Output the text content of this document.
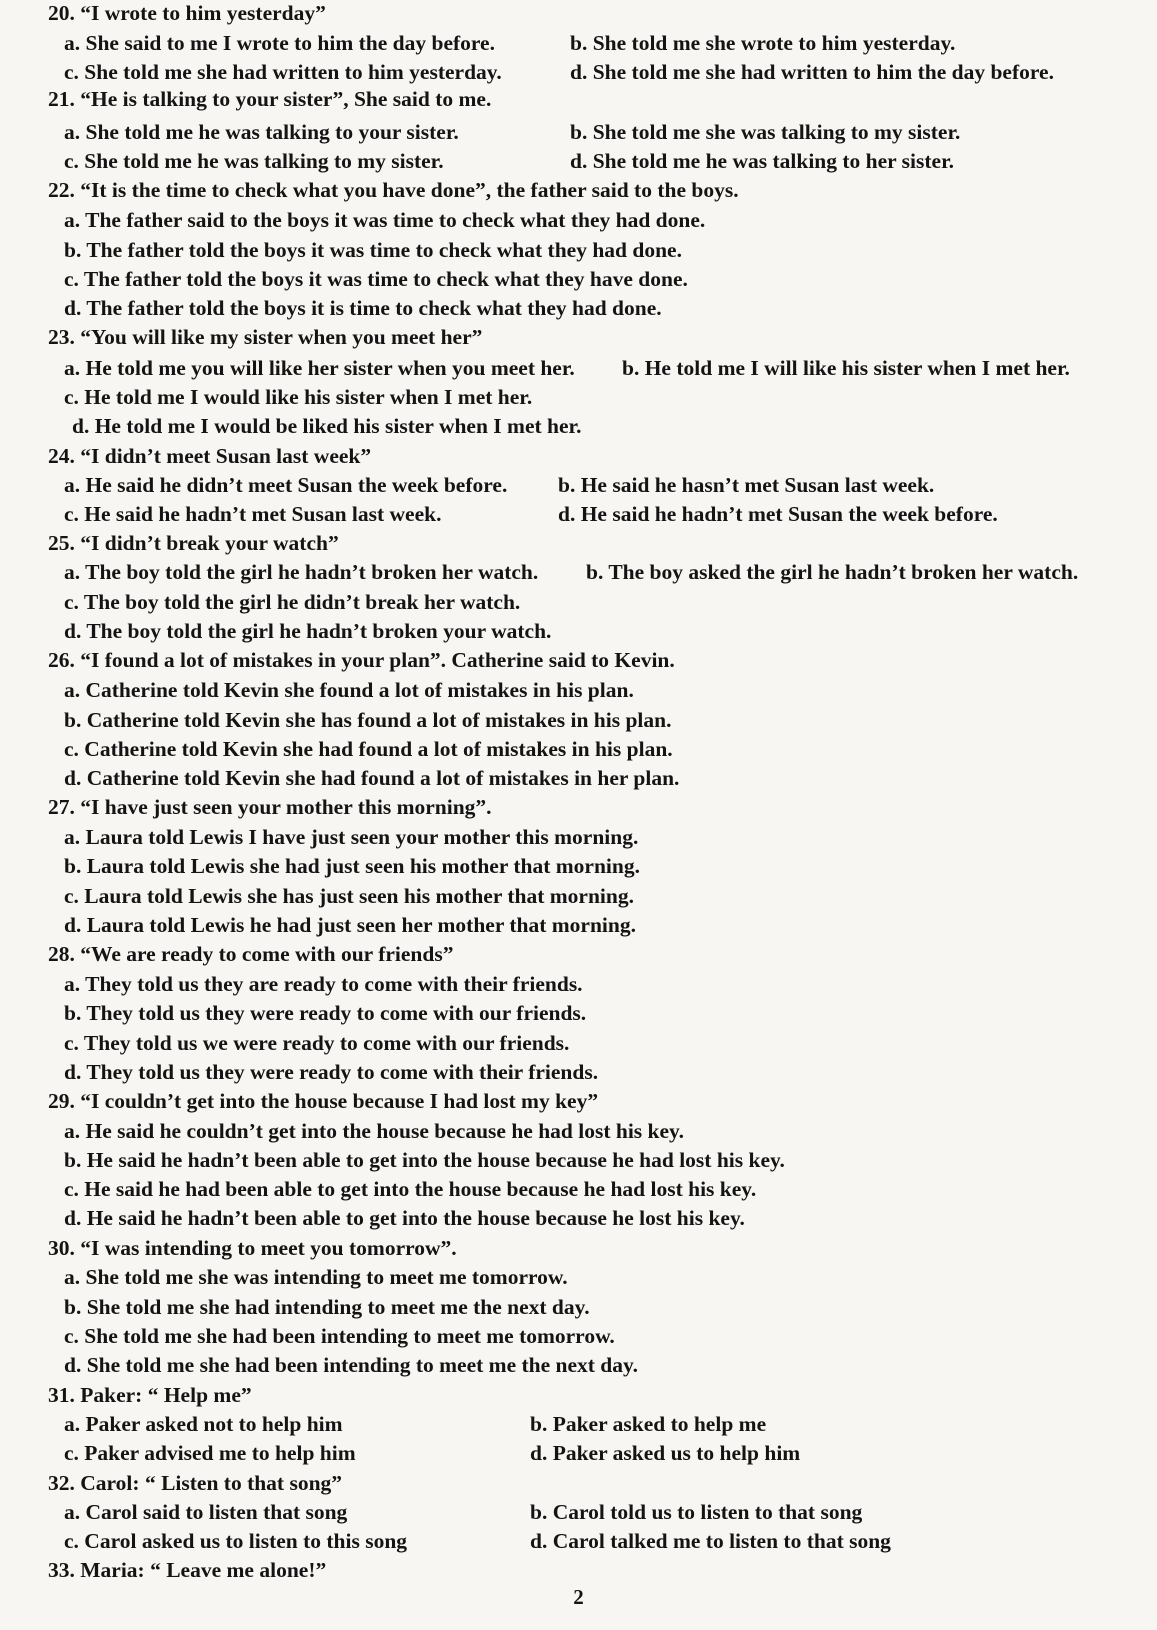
20. “I wrote to him yesterday”
a. She said to me I wrote to him the day before.	b. She told me she wrote to him yesterday.
c. She told me she had written to him yesterday.	d. She told me she had written to him the day before.
21. “He is talking to your sister”, She said to me.
a. She told me he was talking to your sister.	b. She told me she was talking to my sister.
c. She told me he was talking to my sister.	d. She told me he was talking to her sister.
22. “It is the time to check what you have done”, the father said to the boys.
a. The father said to the boys it was time to check what they had done.
b. The father told the boys it was time to check what they had done.
c. The father told the boys it was time to check what they have done.
d. The father told the boys it is time to check what they had done.
23. “You will like my sister when you meet her”
a. He told me you will like her sister when you meet her. b. He told me I will like his sister when I met her.
c. He told me I would like his sister when I met her.
d. He told me I would be liked his sister when I met her.
24. “I didn’t meet Susan last week”
a. He said he didn’t meet Susan the week before. b. He said he hasn’t met Susan last week.
c. He said he hadn’t met Susan last week.	d. He said he hadn’t met Susan the week before.
25. “I didn’t break your watch”
a. The boy told the girl he hadn’t broken her watch. b. The boy asked the girl he hadn’t broken her watch.
c. The boy told the girl he didn’t break her watch.
d. The boy told the girl he hadn’t broken your watch.
26. “I found a lot of mistakes in your plan”. Catherine said to Kevin.
a. Catherine told Kevin she found a lot of mistakes in his plan.
b. Catherine told Kevin she has found a lot of mistakes in his plan.
c. Catherine told Kevin she had found a lot of mistakes in his plan.
d. Catherine told Kevin she had found a lot of mistakes in her plan.
27. “I have just seen your mother this morning”.
a. Laura told Lewis I have just seen your mother this morning.
b. Laura told Lewis she had just seen his mother that morning.
c. Laura told Lewis she has just seen his mother that morning.
d. Laura told Lewis he had just seen her mother that morning.
28. “We are ready to come with our friends”
a. They told us they are ready to come with their friends.
b. They told us they were ready to come with our friends.
c. They told us we were ready to come with our friends.
d. They told us they were ready to come with their friends.
29. “I couldn’t get into the house because I had lost my key”
a. He said he couldn’t get into the house because he had lost his key.
b. He said he hadn’t been able to get into the house because he had lost his key.
c. He said he had been able to get into the house because he had lost his key.
d. He said he hadn’t been able to get into the house because he lost his key.
30. “I was intending to meet you tomorrow”.
a. She told me she was intending to meet me tomorrow.
b. She told me she had intending to meet me the next day.
c. She told me she had been intending to meet me tomorrow.
d. She told me she had been intending to meet me the next day.
31. Paker: “ Help me”
a. Paker asked not to help him	b. Paker asked to help me
c. Paker advised me to help him	d. Paker asked us to help him
32. Carol: “ Listen to that song”
a. Carol said to listen that song	b. Carol told us to listen to that song
c. Carol asked us to listen to this song	d. Carol talked me to listen to that song
33. Maria: “ Leave me alone!”
2
